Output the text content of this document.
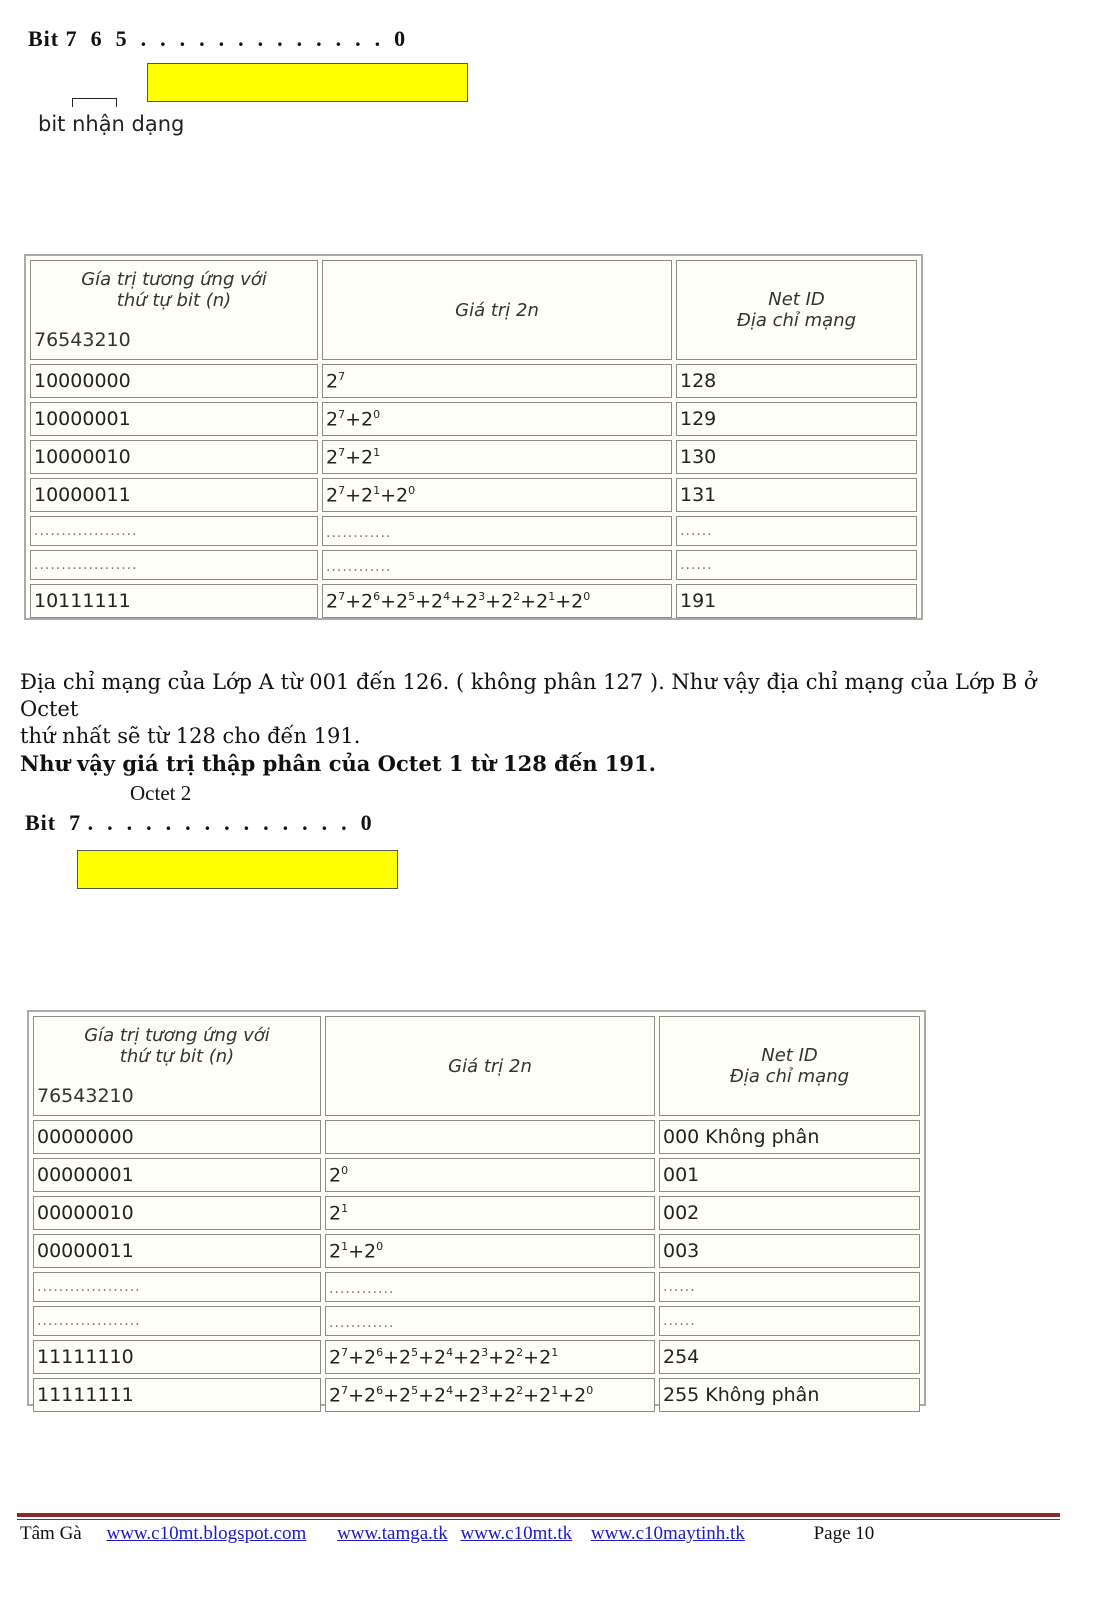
Bit 7  6  5  .  .  .  .  .  .  .  .  .  .  .  .  .  0
bit nhận dạng
Gía trị tương ứng với
thứ tự bit (n)
76543210	Giá trị 2n	Net ID
Địa chỉ mạng
10000000	$2^7$	128
10000001	$2^7+2^0$	129
10000010	$2^7+2^1$	130
10000011	$2^7+2^1+2^0$	131
...................	............	......
...................	............	......
10111111	$2^7+2^6+2^5+2^4+2^3+2^2+2^1+2^0$	191
Địa chỉ mạng của Lớp A từ 001 đến 126. ( không phân 127 ). Như vậy địa chỉ mạng của Lớp B ở Octet
thứ nhất sẽ từ 128 cho đến 191.
Như vậy giá trị thập phân của Octet 1 từ 128 đến 191.
Octet 2
Bit  7 .  .  .  .  .  .  .  .  .  .  .  .  .  .  0
Gía trị tương ứng với
thứ tự bit (n)
76543210	Giá trị 2n	Net ID
Địa chỉ mạng
00000000		000 Không phân
00000001	$2^0$	001
00000010	$2^1$	002
00000011	$2^1+2^0$	003
...................	............	......
...................	............	......
11111110	$2^7+2^6+2^5+2^4+2^3+2^2+2^1$	254
11111111	$2^7+2^6+2^5+2^4+2^3+2^2+2^1+2^0$	255 Không phân
Tâm Gà www.c10mt.blogspot.com www.tamga.tk www.c10mt.tk www.c10maytinh.tk	Page 10
